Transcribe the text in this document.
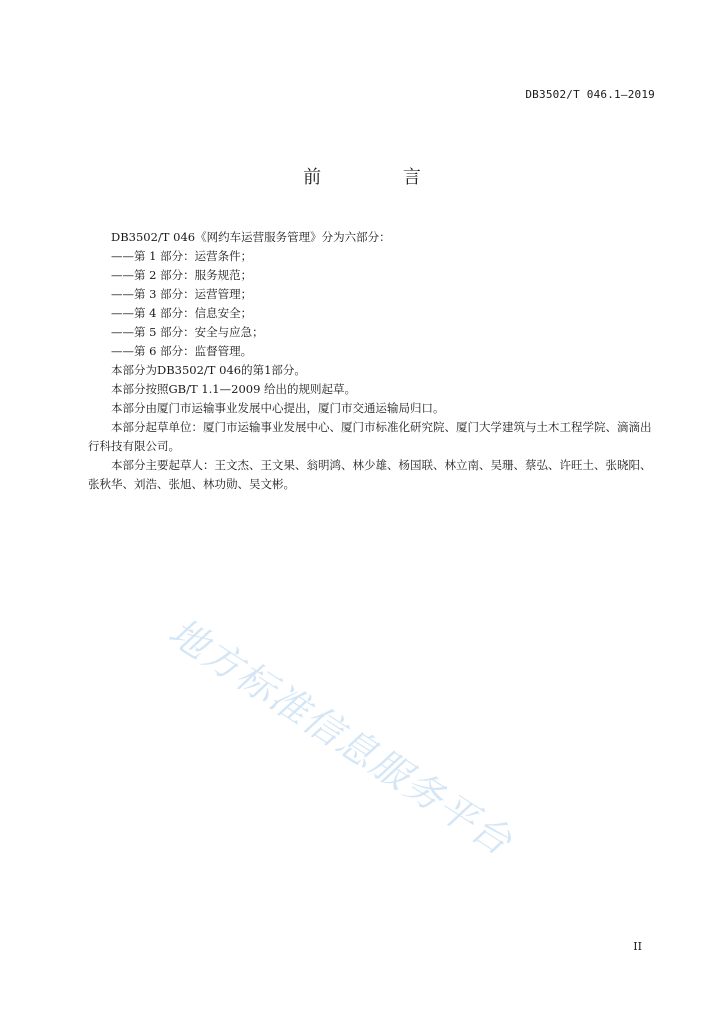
DB3502/T 046.1—2019
前 言

DB3502/T 046《网约车运营服务管理》分为六部分：

——第 1 部分：运营条件；

——第 2 部分：服务规范；

——第 3 部分：运营管理；

——第 4 部分：信息安全；

——第 5 部分：安全与应急；

——第 6 部分：监督管理。

本部分为DB3502/T 046的第1部分。

本部分按照GB/T 1.1—2009 给出的规则起草。

本部分由厦门市运输事业发展中心提出，厦门市交通运输局归口。

本部分起草单位：厦门市运输事业发展中心、厦门市标准化研究院、厦门大学建筑与土木工程学院、滴滴出行科技有限公司。

本部分主要起草人：王文杰、王文果、翁明鸿、林少雄、杨国联、林立南、吴珊、蔡弘、许旺土、张晓阳、张秋华、刘浩、张旭、林功勋、吴文彬。

地方标准信息服务平台
II
